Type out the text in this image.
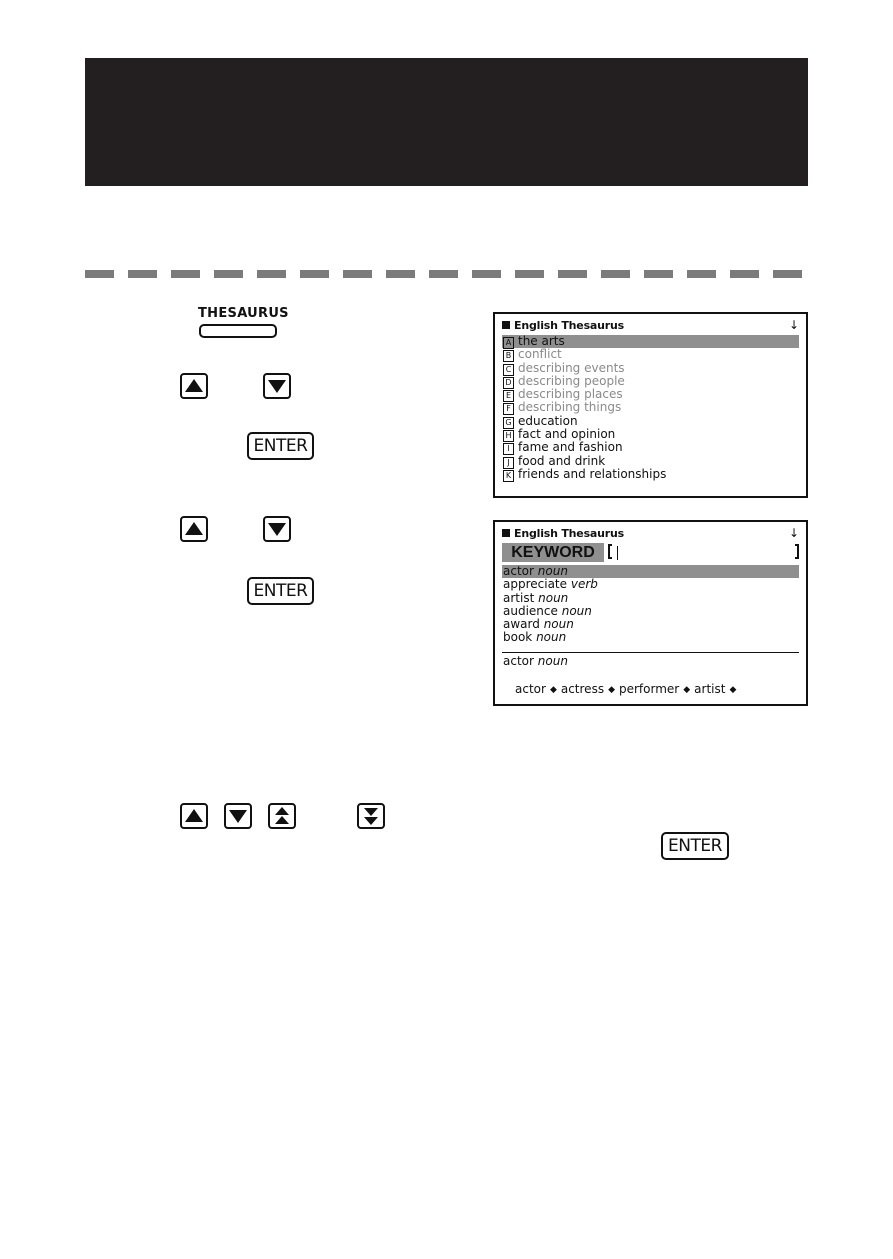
THESAURUS
ENTER
ENTER
ENTER
English Thesaurus	↓
A the arts
B conflict
C describing events
D describing people
E describing places
F describing things
G education
H fact and opinion
I fame and fashion
J food and drink
K friends and relationships
English Thesaurus	↓
KEYWORD
actor noun
appreciate verb
artist noun
audience noun
award noun
book noun
actor noun
actor ◆ actress ◆ performer ◆ artist ◆
